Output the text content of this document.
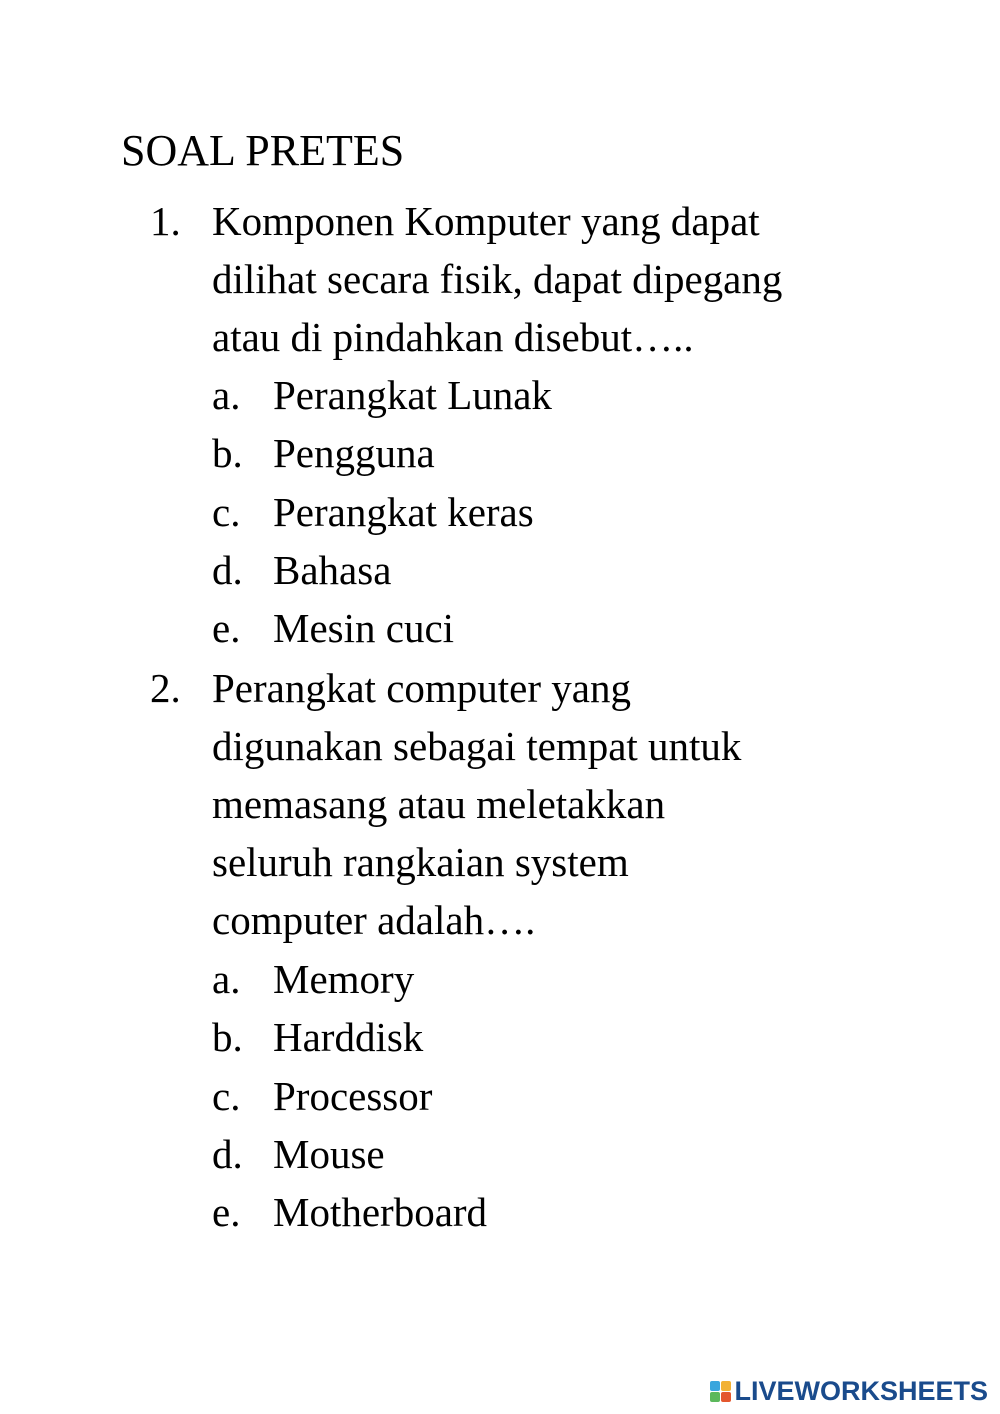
SOAL PRETES
1. Komponen Komputer yang dapat
dilihat secara fisik, dapat dipegang
atau di pindahkan disebut…..
a. Perangkat Lunak
b. Pengguna
c. Perangkat keras
d. Bahasa
e. Mesin cuci
2. Perangkat computer yang
digunakan sebagai tempat untuk
memasang atau meletakkan
seluruh rangkaian system
computer adalah….
a. Memory
b. Harddisk
c. Processor
d. Mouse
e. Motherboard
LIVEWORKSHEETS
